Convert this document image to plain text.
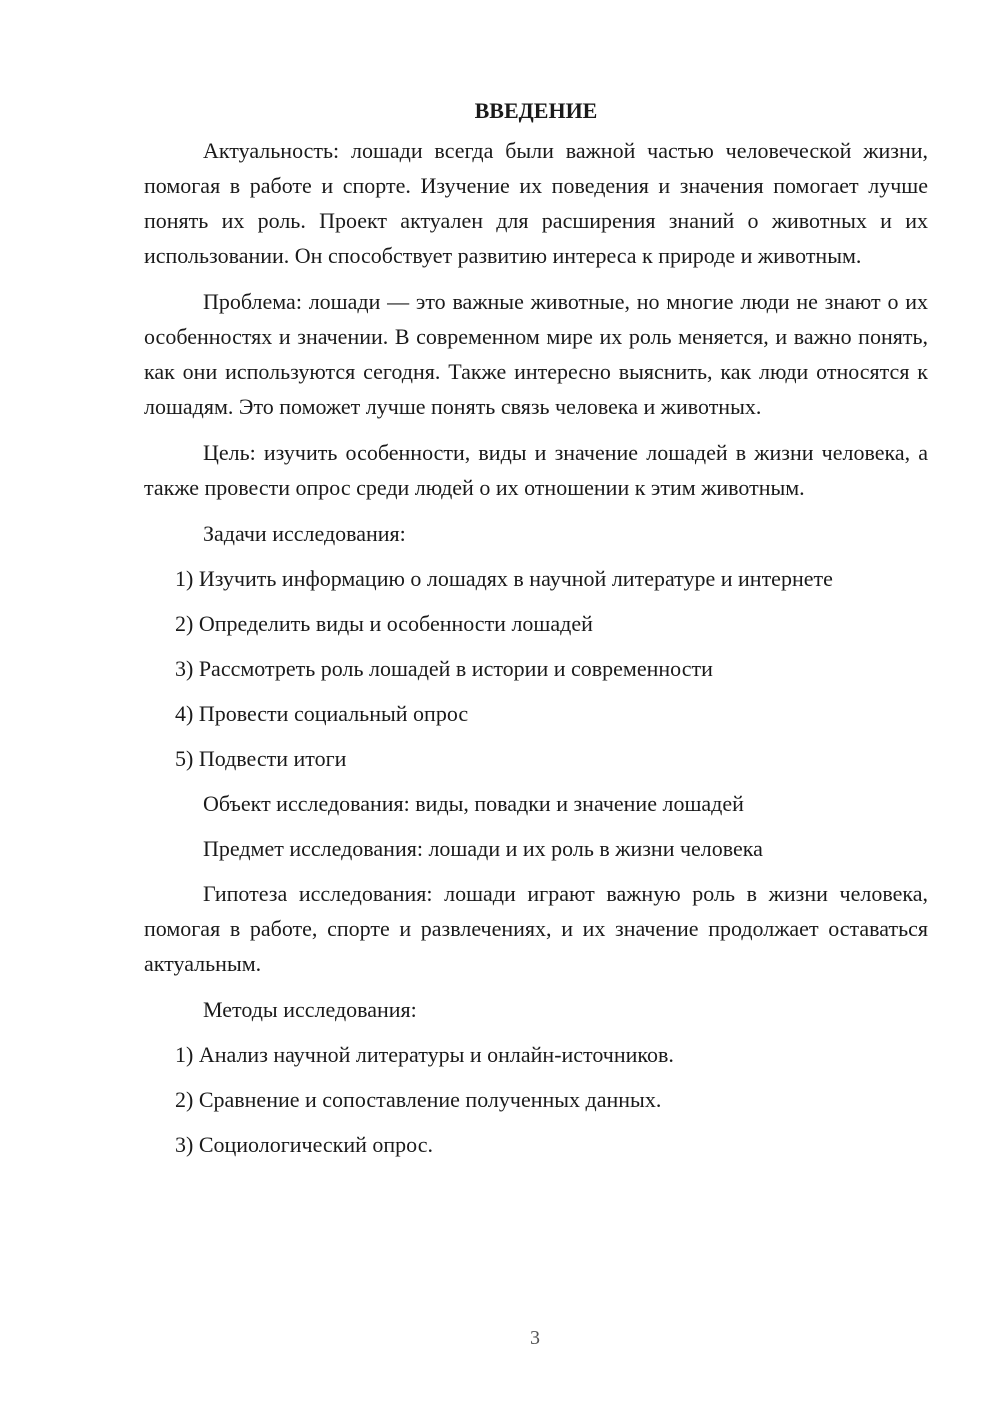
ВВЕДЕНИЕ

Актуальность: лошади всегда были важной частью человеческой жизни, помогая в работе и спорте. Изучение их поведения и значения помогает лучше понять их роль. Проект актуален для расширения знаний о животных и их использовании. Он способствует развитию интереса к природе и животным.

Проблема: лошади — это важные животные, но многие люди не знают о их особенностях и значении. В современном мире их роль меняется, и важно понять, как они используются сегодня. Также интересно выяснить, как люди относятся к лошадям. Это поможет лучше понять связь человека и животных.

Цель: изучить особенности, виды и значение лошадей в жизни человека, а также провести опрос среди людей о их отношении к этим животным.

Задачи исследования:
1) Изучить информацию о лошадях в научной литературе и интернете
2) Определить виды и особенности лошадей
3) Рассмотреть роль лошадей в истории и современности
4) Провести социальный опрос
5) Подвести итоги
Объект исследования: виды, повадки и значение лошадей
Предмет исследования: лошади и их роль в жизни человека

Гипотеза исследования: лошади играют важную роль в жизни человека, помогая в работе, спорте и развлечениях, и их значение продолжает оставаться актуальным.

Методы исследования:
1) Анализ научной литературы и онлайн-источников.
2) Сравнение и сопоставление полученных данных.
3) Социологический опрос.
3
